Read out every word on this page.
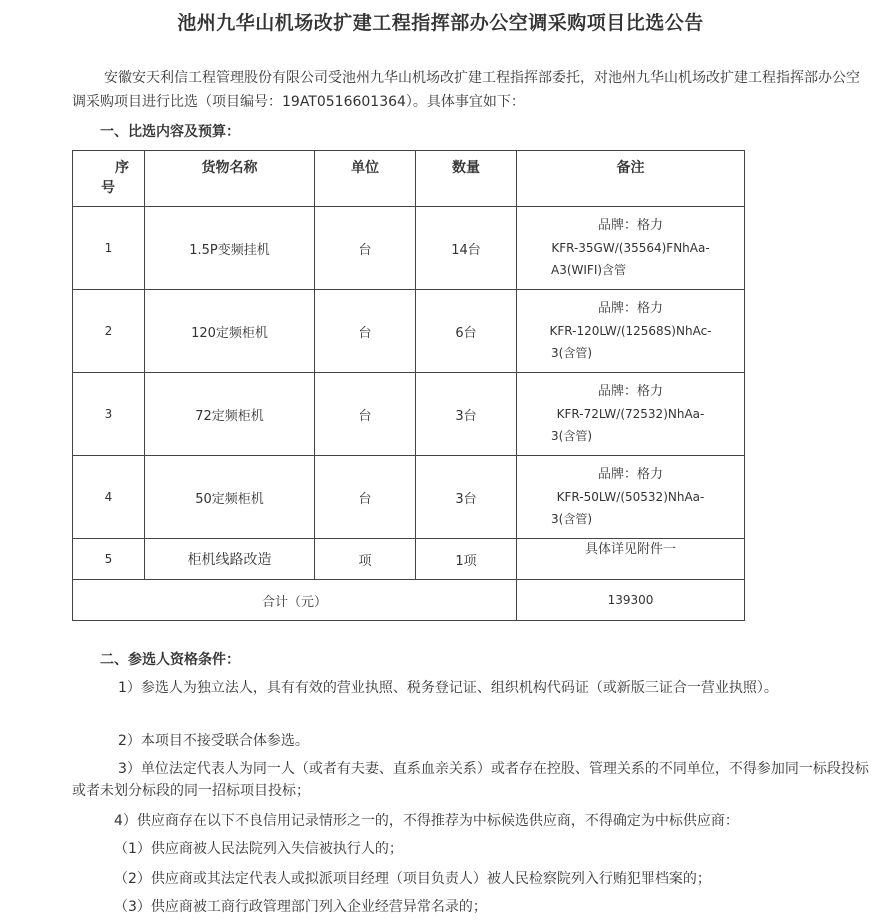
池州九华山机场改扩建工程指挥部办公空调采购项目比选公告
安徽安天利信工程管理股份有限公司受池州九华山机场改扩建工程指挥部委托，对池州九华山机场改扩建工程指挥部办公空调采购项目进行比选（项目编号：19AT0516601364）。具体事宜如下：
一、比选内容及预算：
序
号	货物名称	单位	数量	备注

1	1.5P变频挂机	台	14台	品牌：格力
KFR-35GW/(35564)FNhAa-
A3(WIFI)含管

2	120定频柜机	台	6台	品牌：格力
KFR-120LW/(12568S)NhAc-
3(含管)

3	72定频柜机	台	3台	品牌：格力
KFR-72LW/(72532)NhAa-
3(含管)

4	50定频柜机	台	3台	品牌：格力
KFR-50LW/(50532)NhAa-
3(含管)

5	柜机线路改造	项	1项	具体详见附件一
合计（元）				139300
二、参选人资格条件：
1）参选人为独立法人，具有有效的营业执照、税务登记证、组织机构代码证（或新版三证合一营业执照）。
2）本项目不接受联合体参选。
3）单位法定代表人为同一人（或者有夫妻、直系血亲关系）或者存在控股、管理关系的不同单位，不得参加同一标段投标或者未划分标段的同一招标项目投标；
4）供应商存在以下不良信用记录情形之一的，不得推荐为中标候选供应商，不得确定为中标供应商：
（1）供应商被人民法院列入失信被执行人的；
（2）供应商或其法定代表人或拟派项目经理（项目负责人）被人民检察院列入行贿犯罪档案的；
（3）供应商被工商行政管理部门列入企业经营异常名录的；
